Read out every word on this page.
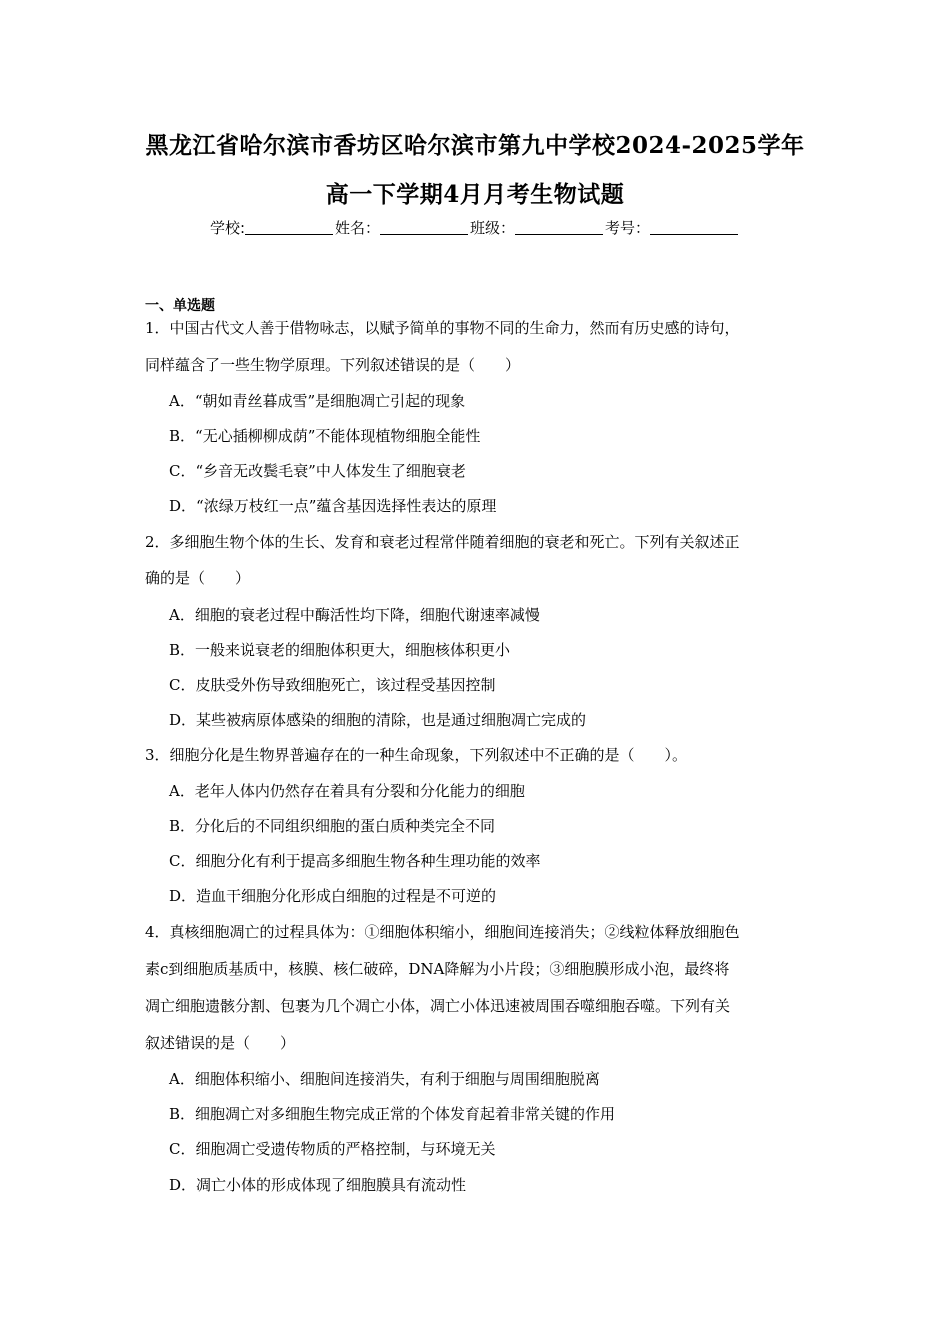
黑龙江省哈尔滨市香坊区哈尔滨市第九中学校2024-2025学年
高一下学期4月月考生物试题
学校:	姓名：	班级：	考号：
一、单选题
1．中国古代文人善于借物咏志，以赋予简单的事物不同的生命力，然而有历史感的诗句，
同样蕴含了一些生物学原理。下列叙述错误的是（　　）
A．“朝如青丝暮成雪”是细胞凋亡引起的现象
B．“无心插柳柳成荫”不能体现植物细胞全能性
C．“乡音无改鬓毛衰”中人体发生了细胞衰老
D．“浓绿万枝红一点”蕴含基因选择性表达的原理
2．多细胞生物个体的生长、发育和衰老过程常伴随着细胞的衰老和死亡。下列有关叙述正
确的是（　　）
A．细胞的衰老过程中酶活性均下降，细胞代谢速率减慢
B．一般来说衰老的细胞体积更大，细胞核体积更小
C．皮肤受外伤导致细胞死亡，该过程受基因控制
D．某些被病原体感染的细胞的清除，也是通过细胞凋亡完成的
3．细胞分化是生物界普遍存在的一种生命现象，下列叙述中不正确的是（　　）。
A．老年人体内仍然存在着具有分裂和分化能力的细胞
B．分化后的不同组织细胞的蛋白质种类完全不同
C．细胞分化有利于提高多细胞生物各种生理功能的效率
D．造血干细胞分化形成白细胞的过程是不可逆的
4．真核细胞凋亡的过程具体为：①细胞体积缩小，细胞间连接消失；②线粒体释放细胞色
素c到细胞质基质中，核膜、核仁破碎，DNA降解为小片段；③细胞膜形成小泡，最终将
凋亡细胞遗骸分割、包裹为几个凋亡小体，凋亡小体迅速被周围吞噬细胞吞噬。下列有关
叙述错误的是（　　）
A．细胞体积缩小、细胞间连接消失，有利于细胞与周围细胞脱离
B．细胞凋亡对多细胞生物完成正常的个体发育起着非常关键的作用
C．细胞凋亡受遗传物质的严格控制，与环境无关
D．凋亡小体的形成体现了细胞膜具有流动性
